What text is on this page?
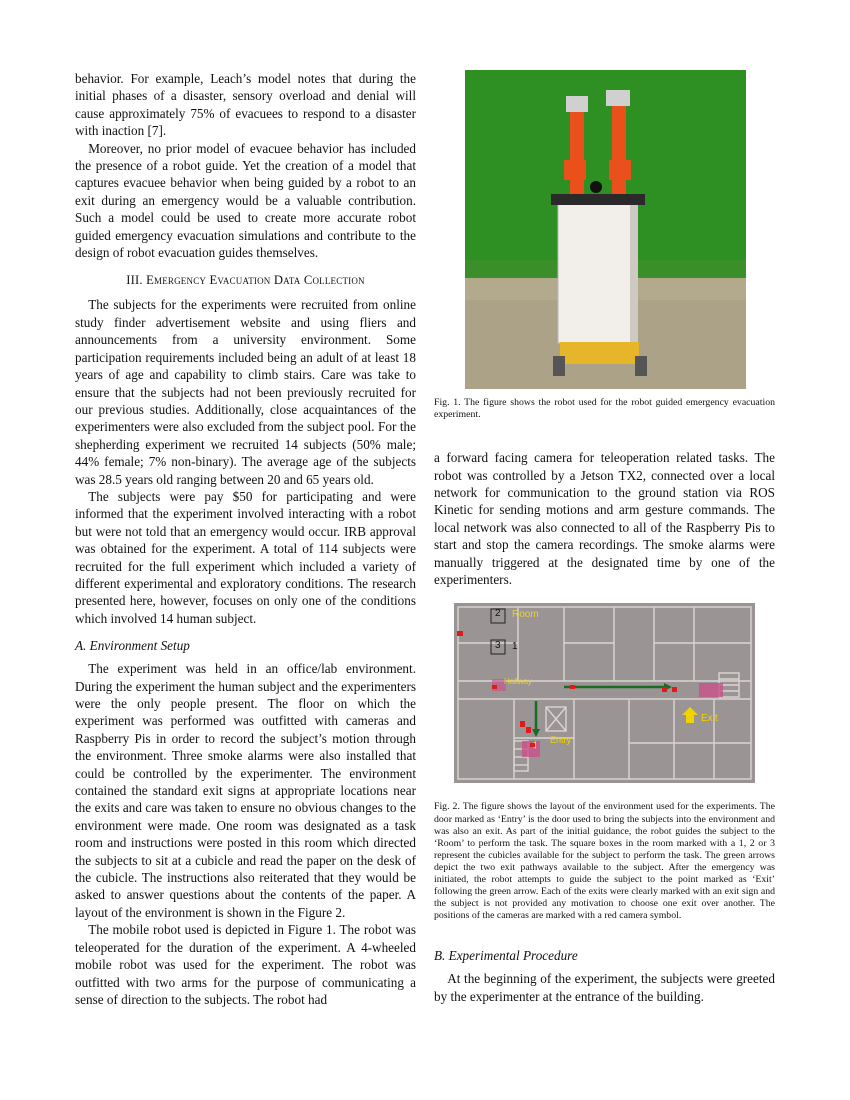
behavior. For example, Leach’s model notes that during the initial phases of a disaster, sensory overload and denial will cause approximately 75% of evacuees to respond to a disaster with inaction [7].

Moreover, no prior model of evacuee behavior has included the presence of a robot guide. Yet the creation of a model that captures evacuee behavior when being guided by a robot to an exit during an emergency would be a valuable contribution. Such a model could be used to create more accurate robot guided emergency evacuation simulations and contribute to the design of robot evacuation guides themselves.

III. Emergency Evacuation Data Collection

The subjects for the experiments were recruited from online study finder advertisement website and using fliers and announcements from a university environment. Some participation requirements included being an adult of at least 18 years of age and capability to climb stairs. Care was take to ensure that the subjects had not been previously recruited for our previous studies. Additionally, close acquaintances of the experimenters were also excluded from the subject pool. For the shepherding experiment we recruited 14 subjects (50% male; 44% female; 7% non-binary). The average age of the subjects was 28.5 years old ranging between 20 and 65 years old.

The subjects were pay $50 for participating and were informed that the experiment involved interacting with a robot but were not told that an emergency would occur. IRB approval was obtained for the experiment. A total of 114 subjects were recruited for the full experiment which included a variety of different experimental and exploratory conditions. The research presented here, however, focuses on only one of the conditions which involved 14 human subject.

A. Environment Setup

The experiment was held in an office/lab environment. During the experiment the human subject and the experimenters were the only people present. The floor on which the experiment was performed was outfitted with cameras and Raspberry Pis in order to record the subject’s motion through the environment. Three smoke alarms were also installed that could be controlled by the experimenter. The environment contained the standard exit signs at appropriate locations near the exits and care was taken to ensure no obvious changes to the environment were made. One room was designated as a task room and instructions were posted in this room which directed the subjects to sit at a cubicle and read the paper on the desk of the cubicle. The instructions also reiterated that they would be asked to answer questions about the contents of the paper. A layout of the environment is shown in the Figure 2.

The mobile robot used is depicted in Figure 1. The robot was teleoperated for the duration of the experiment. A 4-wheeled mobile robot was used for the experiment. The robot was outfitted with two arms for the purpose of communicating a sense of direction to the subjects. The robot had

Fig. 1. The figure shows the robot used for the robot guided emergency evacuation experiment.

a forward facing camera for teleoperation related tasks. The robot was controlled by a Jetson TX2, connected over a local network for communication to the ground station via ROS Kinetic for sending motions and arm gesture commands. The local network was also connected to all of the Raspberry Pis to start and stop the camera recordings. The smoke alarms were manually triggered at the designated time by one of the experimenters.

2 Room
3 1
Hallway
Exit
Entry

Fig. 2. The figure shows the layout of the environment used for the experiments. The door marked as ‘Entry’ is the door used to bring the subjects into the environment and was also an exit. As part of the initial guidance, the robot guides the subject to the ‘Room’ to perform the task. The square boxes in the room marked with a 1, 2 or 3 represent the cubicles available for the subject to perform the task. The green arrows depict the two exit pathways available to the subject. After the emergency was initiated, the robot attempts to guide the subject to the point marked as ‘Exit’ following the green arrow. Each of the exits were clearly marked with an exit sign and the subject is not provided any motivation to choose one exit over another. The positions of the cameras are marked with a red camera symbol.

B. Experimental Procedure

At the beginning of the experiment, the subjects were greeted by the experimenter at the entrance of the building.
